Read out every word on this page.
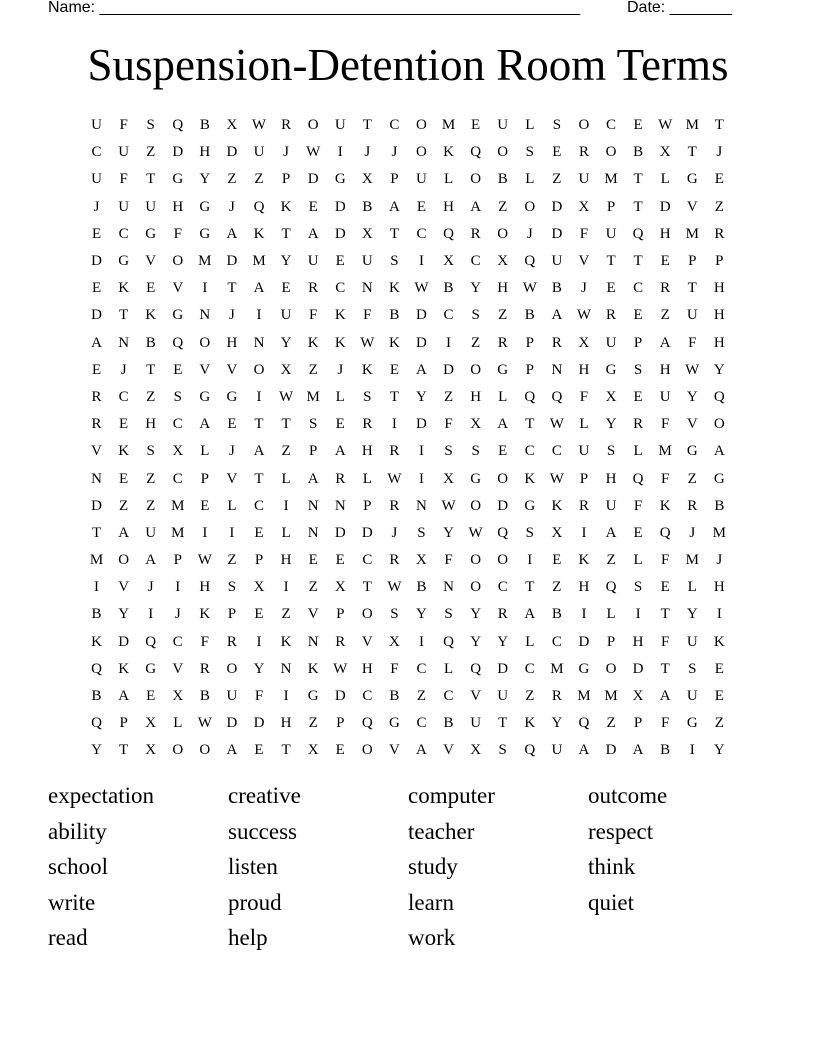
Name: ______________________________________________________	Date: _______
Suspension-Detention Room Terms
U	F	S	Q	B	X W R	O	U	T	C	O M	E	U	L	S	O	C	E	W M	T
C	U	Z	D	H	D	U	J	W	I	J	J	O	K	Q	O	S	E	R	O	B	X	T	J
U	F	T	G	Y	Z	Z	P	D	G	X	P	U	L	O	B	L	Z	U M	T	L	G	E
J	U	U	H	G	J	Q	K	E	D	B	A	E	H	A	Z	O	D	X	P	T	D	V	Z
E	C	G	F	G	A	K	T	A	D	X	T	C	Q	R	O	J	D	F	U	Q	H M	R
D	G	V	O M D M Y	U	E	U	S	I	X	C	X	Q	U	V	T	T	E	P	P
E	K	E	V	I	T	A	E	R	C	N	K W B	Y	H W B	J	E	C	R	T	H
D	T	K	G	N	J	I	U	F	K	F	B	D	C	S	Z	B	A W R	E	Z	U	H
A	N	B	Q	O	H	N	Y	K	K W K	D	I	Z	R	P	R	X	U	P	A	F	H
E	J	T	E	V	V	O	X	Z	J	K	E	A	D	O	G	P	N	H	G	S	H W Y
R	C	Z	S	G	G	I	W M	L	S	T	Y	Z	H	L	Q	Q	F	X	E	U	Y	Q
R	E	H	C	A	E	T	T	S	E	R	I	D	F	X	A	T	W	L	Y	R	F	V	O
V	K	S	X	L	J	A	Z	P	A	H	R	I	S	S	E	C	C	U	S	L	M G	A
N	E	Z	C	P	V	T	L	A	R	L	W	I	X	G	O	K W	P	H	Q	F	Z	G
D	Z	Z	M	E	L	C	I	N	N	P	R	N W O	D	G	K	R	U	F	K	R	B
T	A	U M	I	I	E	L	N	D	D	J	S	Y W Q	S	X	I	A	E	Q	J	M
M O	A	P	W	Z	P	H	E	E	C	R	X	F	O	O	I	E	K	Z	L	F	M	J
I	V	J	I	H	S	X	I	Z	X	T	W B	N	O	C	T	Z	H	Q	S	E	L	H
B	Y	I	J	K	P	E	Z	V	P	O	S	Y	S	Y	R	A	B	I	L	I	T	Y	I
K	D	Q	C	F	R	I	K	N	R	V	X	I	Q	Y	Y	L	C	D	P	H	F	U	K
Q	K	G	V	R	O	Y	N	K W H	F	C	L	Q	D	C	M G	O	D	T	S	E
B	A	E	X	B	U	F	I	G	D	C	B	Z	C	V	U	Z	R	M M X	A	U	E
Q	P	X	L	W D	D	H	Z	P	Q	G	C	B	U	T	K	Y	Q	Z	P	F	G	Z
Y	T	X	O	O	A	E	T	X	E	O	V	A	V	X	S	Q	U	A	D	A	B	I	Y
expectation	creative	computer	outcome
ability	success	teacher	respect
school	listen	study	think
write	proud	learn	quiet
read	help	work
